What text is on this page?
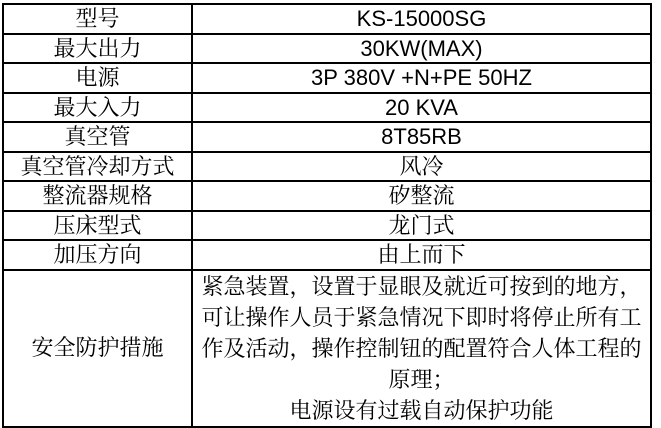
型号	KS-15000SG
最大出力	30KW(MAX)
电源	3P 380V +N+PE 50HZ
最大入力	20 KVA
真空管	8T85RB
真空管冷却方式	风冷
整流器规格	矽整流
压床型式	龙门式
加压方向	由上而下
安全防护措施	紧急装置，设置于显眼及就近可按到的地方，可让操作人员于紧急情况下即时将停止所有工作及活动，操作控制钮的配置符合人体工程的原理；

电源设有过载自动保护功能
